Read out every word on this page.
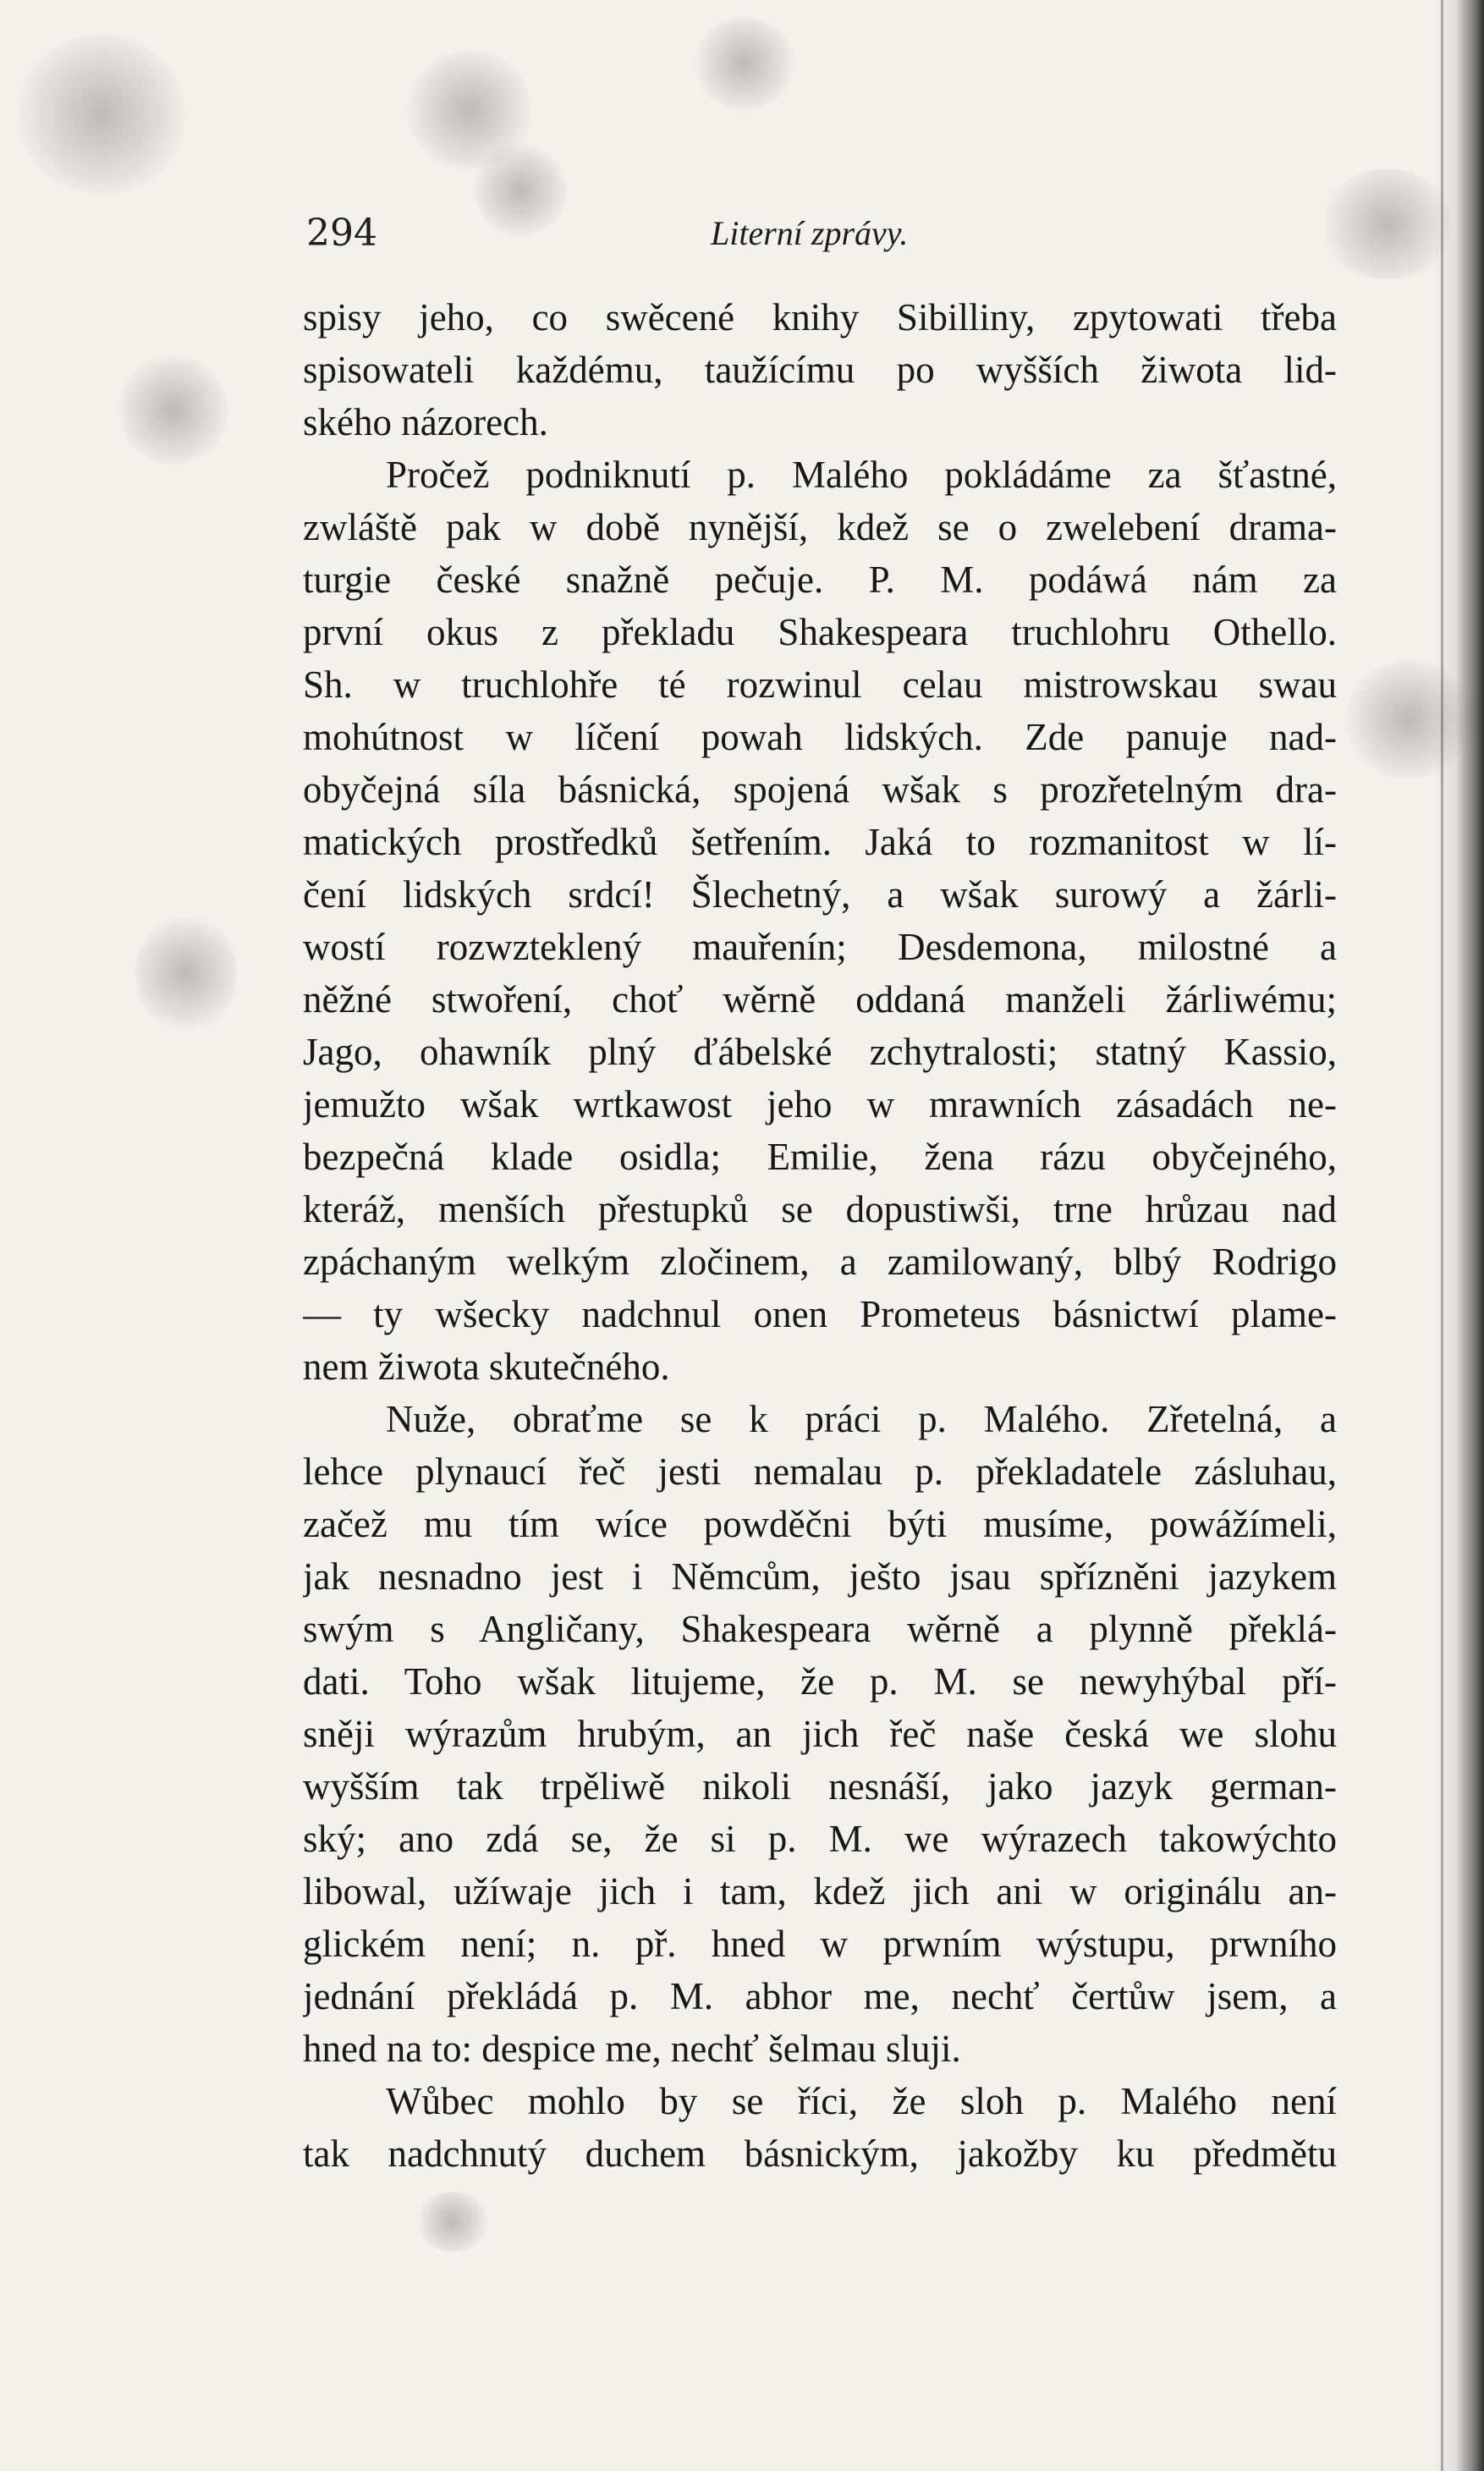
294	Literní zprávy.
spisy jeho, co swěcené knihy Sibilliny, zpytowati třeba
spisowateli každému, taužícímu po wyšších žiwota lid-
ského názorech.
Pročež podniknutí p. Malého pokládáme za šťastné,
zwláště pak w době nynější, kdež se o zwelebení drama-
turgie české snažně pečuje. P. M. podáwá nám za
první okus z překladu Shakespeara truchlohru Othello.
Sh. w truchlohře té rozwinul celau mistrowskau swau
mohútnost w líčení powah lidských. Zde panuje nad-
obyčejná síla básnická, spojená wšak s prozřetelným dra-
matických prostředků šetřením. Jaká to rozmanitost w lí-
čení lidských srdcí! Šlechetný, a wšak surowý a žárli-
wostí rozwzteklený mauřenín; Desdemona, milostné a
něžné stwoření, choť wěrně oddaná manželi žárliwému;
Jago, ohawník plný ďábelské zchytralosti; statný Kassio,
jemužto wšak wrtkawost jeho w mrawních zásadách ne-
bezpečná klade osidla; Emilie, žena rázu obyčejného,
kteráž, menších přestupků se dopustiwši, trne hrůzau nad
zpáchaným welkým zločinem, a zamilowaný, blbý Rodrigo
— ty wšecky nadchnul onen Prometeus básnictwí plame-
nem žiwota skutečného.
Nuže, obraťme se k práci p. Malého. Zřetelná, a
lehce plynaucí řeč jesti nemalau p. překladatele zásluhau,
začež mu tím wíce powděčni býti musíme, powážímeli,
jak nesnadno jest i Němcům, ješto jsau spřízněni jazykem
swým s Angličany, Shakespeara wěrně a plynně překlá-
dati. Toho wšak litujeme, že p. M. se newyhýbal pří-
sněji wýrazům hrubým, an jich řeč naše česká we slohu
wyšším tak trpěliwě nikoli nesnáší, jako jazyk german-
ský; ano zdá se, že si p. M. we wýrazech takowýchto
libowal, užíwaje jich i tam, kdež jich ani w originálu an-
glickém není; n. př. hned w prwním wýstupu, prwního
jednání překládá p. M. abhor me, nechť čertůw jsem, a
hned na to: despice me, nechť šelmau sluji.
Wůbec mohlo by se říci, že sloh p. Malého není
tak nadchnutý duchem básnickým, jakožby ku předmětu
